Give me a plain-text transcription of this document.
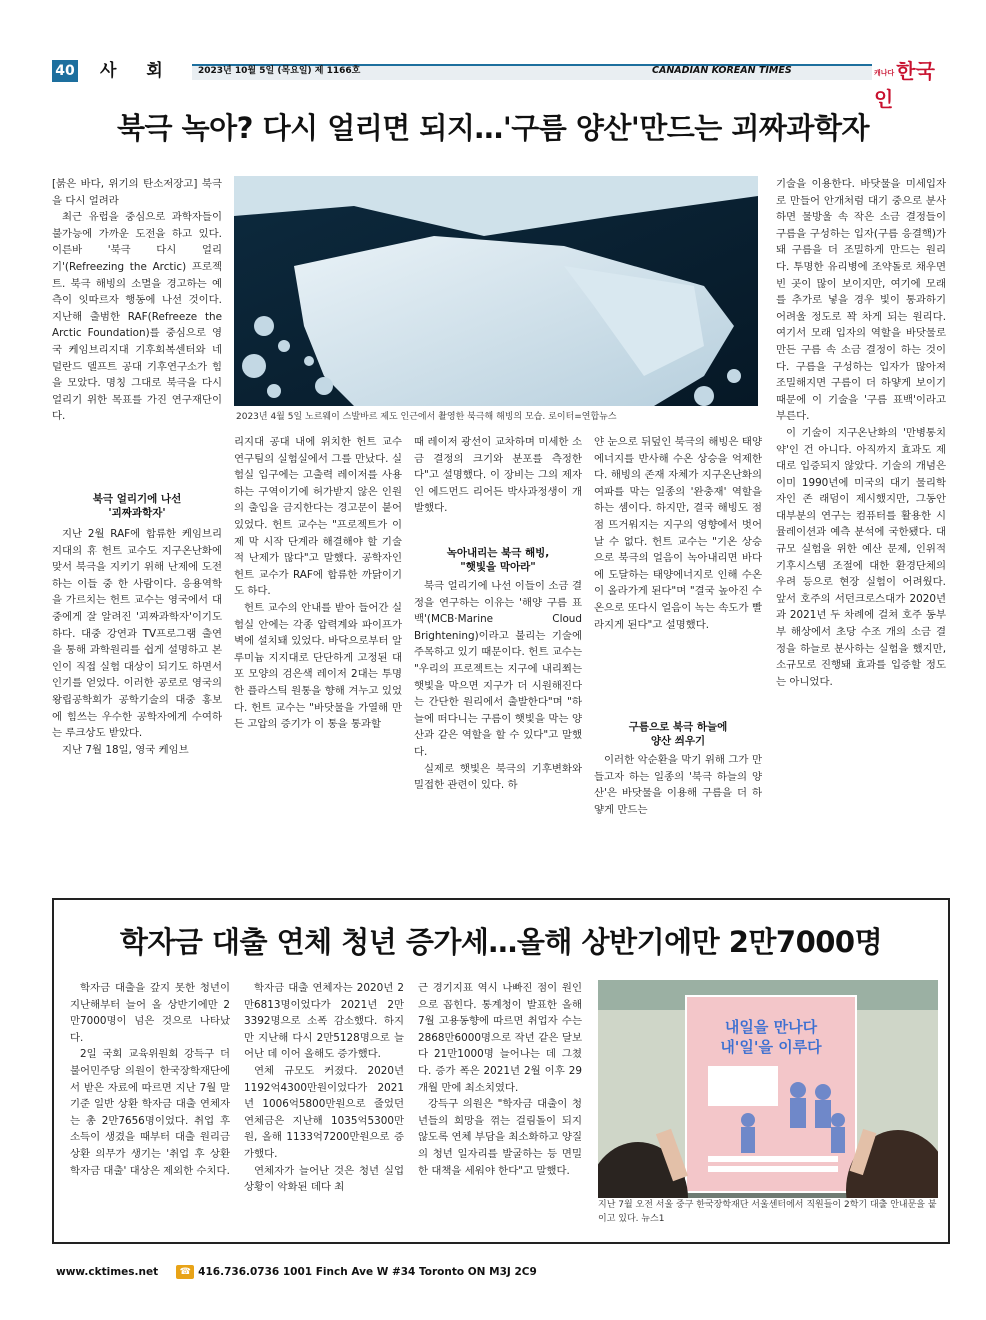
40 사 회	2023년 10월 5일 (목요일) 제 1166호	CANADIAN KOREAN TIMES	캐나다 한국인
북극 녹아? 다시 얼리면 되지…'구름 양산'만드는 괴짜과학자
2023년 4월 5일 노르웨이 스발바르 제도 인근에서 촬영한 북극해 해빙의 모습. 로이터=연합뉴스

[붉은 바다, 위기의 탄소저장고] 북극을 다시 얼려라

최근 유럽을 중심으로 과학자들이 불가능에 가까운 도전을 하고 있다. 이른바 '북극 다시 얼리기'(Refreezing the Arctic) 프로젝트. 북극 해빙의 소멸을 경고하는 예측이 잇따르자 행동에 나선 것이다. 지난해 출범한 RAF(Refreeze the Arctic Foundation)를 중심으로 영국 케임브리지대 기후회복센터와 네덜란드 델프트 공대 기후연구소가 힘을 모았다. 명칭 그대로 북극을 다시 얼리기 위한 목표를 가진 연구재단이다.

북극 얼리기에 나선
'괴짜과학자'

지난 2월 RAF에 합류한 케임브리지대의 휴 헌트 교수도 지구온난화에 맞서 북극을 지키기 위해 난제에 도전하는 이들 중 한 사람이다. 응용역학을 가르치는 헌트 교수는 영국에서 대중에게 잘 알려진 '괴짜과학자'이기도 하다. 대중 강연과 TV프로그램 출연을 통해 과학원리를 쉽게 설명하고 본인이 직접 실험 대상이 되기도 하면서 인기를 얻었다. 이러한 공로로 영국의 왕립공학회가 공학기술의 대중 홍보에 힘쓰는 우수한 공학자에게 수여하는 루크상도 받았다.

지난 7월 18일, 영국 케임브

리지대 공대 내에 위치한 헌트 교수 연구팀의 실험실에서 그를 만났다. 실험실 입구에는 고출력 레이저를 사용하는 구역이기에 허가받지 않은 인원의 출입을 금지한다는 경고문이 붙어 있었다. 헌트 교수는 "프로젝트가 이제 막 시작 단계라 해결해야 할 기술적 난제가 많다"고 말했다. 공학자인 헌트 교수가 RAF에 합류한 까닭이기도 하다.

헌트 교수의 안내를 받아 들어간 실험실 안에는 각종 압력계와 파이프가 벽에 설치돼 있었다. 바닥으로부터 알루미늄 지지대로 단단하게 고정된 대포 모양의 검은색 레이저 2대는 투명한 플라스틱 원통을 향해 겨누고 있었다. 헌트 교수는 "바닷물을 가열해 만든 고압의 증기가 이 통을 통과할

때 레이저 광선이 교차하며 미세한 소금 결정의 크기와 분포를 측정한다"고 설명했다. 이 장비는 그의 제자인 에드먼드 리어든 박사과정생이 개발했다.

녹아내리는 북극 해빙,
"햇빛을 막아라"

북극 얼리기에 나선 이들이 소금 결정을 연구하는 이유는 '해양 구름 표백'(MCB·Marine Cloud Brightening)이라고 불리는 기술에 주목하고 있기 때문이다. 헌트 교수는 "우리의 프로젝트는 지구에 내리쬐는 햇빛을 막으면 지구가 더 시원해진다는 간단한 원리에서 출발한다"며 "하늘에 떠다니는 구름이 햇빛을 막는 양산과 같은 역할을 할 수 있다"고 말했다.

실제로 햇빛은 북극의 기후변화와 밀접한 관련이 있다. 하

얀 눈으로 뒤덮인 북극의 해빙은 태양에너지를 반사해 수온 상승을 억제한다. 해빙의 존재 자체가 지구온난화의 여파를 막는 일종의 '완충재' 역할을 하는 셈이다. 하지만, 결국 해빙도 점점 뜨거워지는 지구의 영향에서 벗어날 수 없다. 헌트 교수는 "기온 상승으로 북극의 얼음이 녹아내리면 바다에 도달하는 태양에너지로 인해 수온이 올라가게 된다"며 "결국 높아진 수온으로 또다시 얼음이 녹는 속도가 빨라지게 된다"고 설명했다.

구름으로 북극 하늘에
양산 씌우기

이러한 악순환을 막기 위해 그가 만들고자 하는 일종의 '북극 하늘의 양산'은 바닷물을 이용해 구름을 더 하얗게 만드는

기술을 이용한다. 바닷물을 미세입자로 만들어 안개처럼 대기 중으로 분사하면 물방울 속 작은 소금 결정들이 구름을 구성하는 입자(구름 응결핵)가 돼 구름을 더 조밀하게 만드는 원리다. 투명한 유리병에 조약돌로 채우면 빈 곳이 많이 보이지만, 여기에 모래를 추가로 넣을 경우 빛이 통과하기 어려울 정도로 꽉 차게 되는 원리다. 여기서 모래 입자의 역할을 바닷물로 만든 구름 속 소금 결정이 하는 것이다. 구름을 구성하는 입자가 많아져 조밀해지면 구름이 더 하얗게 보이기 때문에 이 기술을 '구름 표백'이라고 부른다.

이 기술이 지구온난화의 '만병통치약'인 건 아니다. 아직까지 효과도 제대로 입증되지 않았다. 기술의 개념은 이미 1990년에 미국의 대기 물리학자인 존 래덤이 제시했지만, 그동안 대부분의 연구는 컴퓨터를 활용한 시뮬레이션과 예측 분석에 국한됐다. 대규모 실험을 위한 예산 문제, 인위적 기후시스템 조절에 대한 환경단체의 우려 등으로 현장 실험이 어려웠다. 앞서 호주의 서던크로스대가 2020년과 2021년 두 차례에 걸쳐 호주 동부부 해상에서 초당 수조 개의 소금 결정을 하늘로 분사하는 실험을 했지만, 소규모로 진행돼 효과를 입증할 정도는 아니었다.

학자금 대출 연체 청년 증가세…올해 상반기에만 2만7000명

학자금 대출을 갚지 못한 청년이 지난해부터 늘어 올 상반기에만 2만7000명이 넘은 것으로 나타났다.

2일 국회 교육위원회 강득구 더불어민주당 의원이 한국장학재단에서 받은 자료에 따르면 지난 7월 말 기준 일반 상환 학자금 대출 연체자는 총 2만7656명이었다. 취업 후 소득이 생겼을 때부터 대출 원리금 상환 의무가 생기는 '취업 후 상환 학자금 대출' 대상은 제외한 수치다.

학자금 대출 연체자는 2020년 2만6813명이었다가 2021년 2만3392명으로 소폭 감소했다. 하지만 지난해 다시 2만5128명으로 늘어난 데 이어 올해도 증가했다.

연체 규모도 커졌다. 2020년 1192억4300만원이었다가 2021년 1006억5800만원으로 줄었던 연체금은 지난해 1035억5300만원, 올해 1133억7200만원으로 증가했다.

연체자가 늘어난 것은 청년 실업 상황이 악화된 데다 최

근 경기지표 역시 나빠진 점이 원인으로 꼽힌다. 통계청이 발표한 올해 7월 고용동향에 따르면 취업자 수는 2868만6000명으로 작년 같은 달보다 21만1000명 늘어나는 데 그쳤다. 증가 폭은 2021년 2월 이후 29개월 만에 최소치였다.

강득구 의원은 "학자금 대출이 청년들의 희망을 꺾는 걸림돌이 되지 않도록 연체 부담을 최소화하고 양질의 청년 일자리를 발굴하는 등 면밀한 대책을 세워야 한다"고 말했다.

내일을 만나다
내'일'을 이루다
지난 7월 오전 서울 중구 한국장학재단 서울센터에서 직원들이 2학기 대출 안내문을 붙이고 있다. 뉴스1
www.cktimes.net ☎ 416.736.0736 1001 Finch Ave W #34 Toronto ON M3J 2C9
